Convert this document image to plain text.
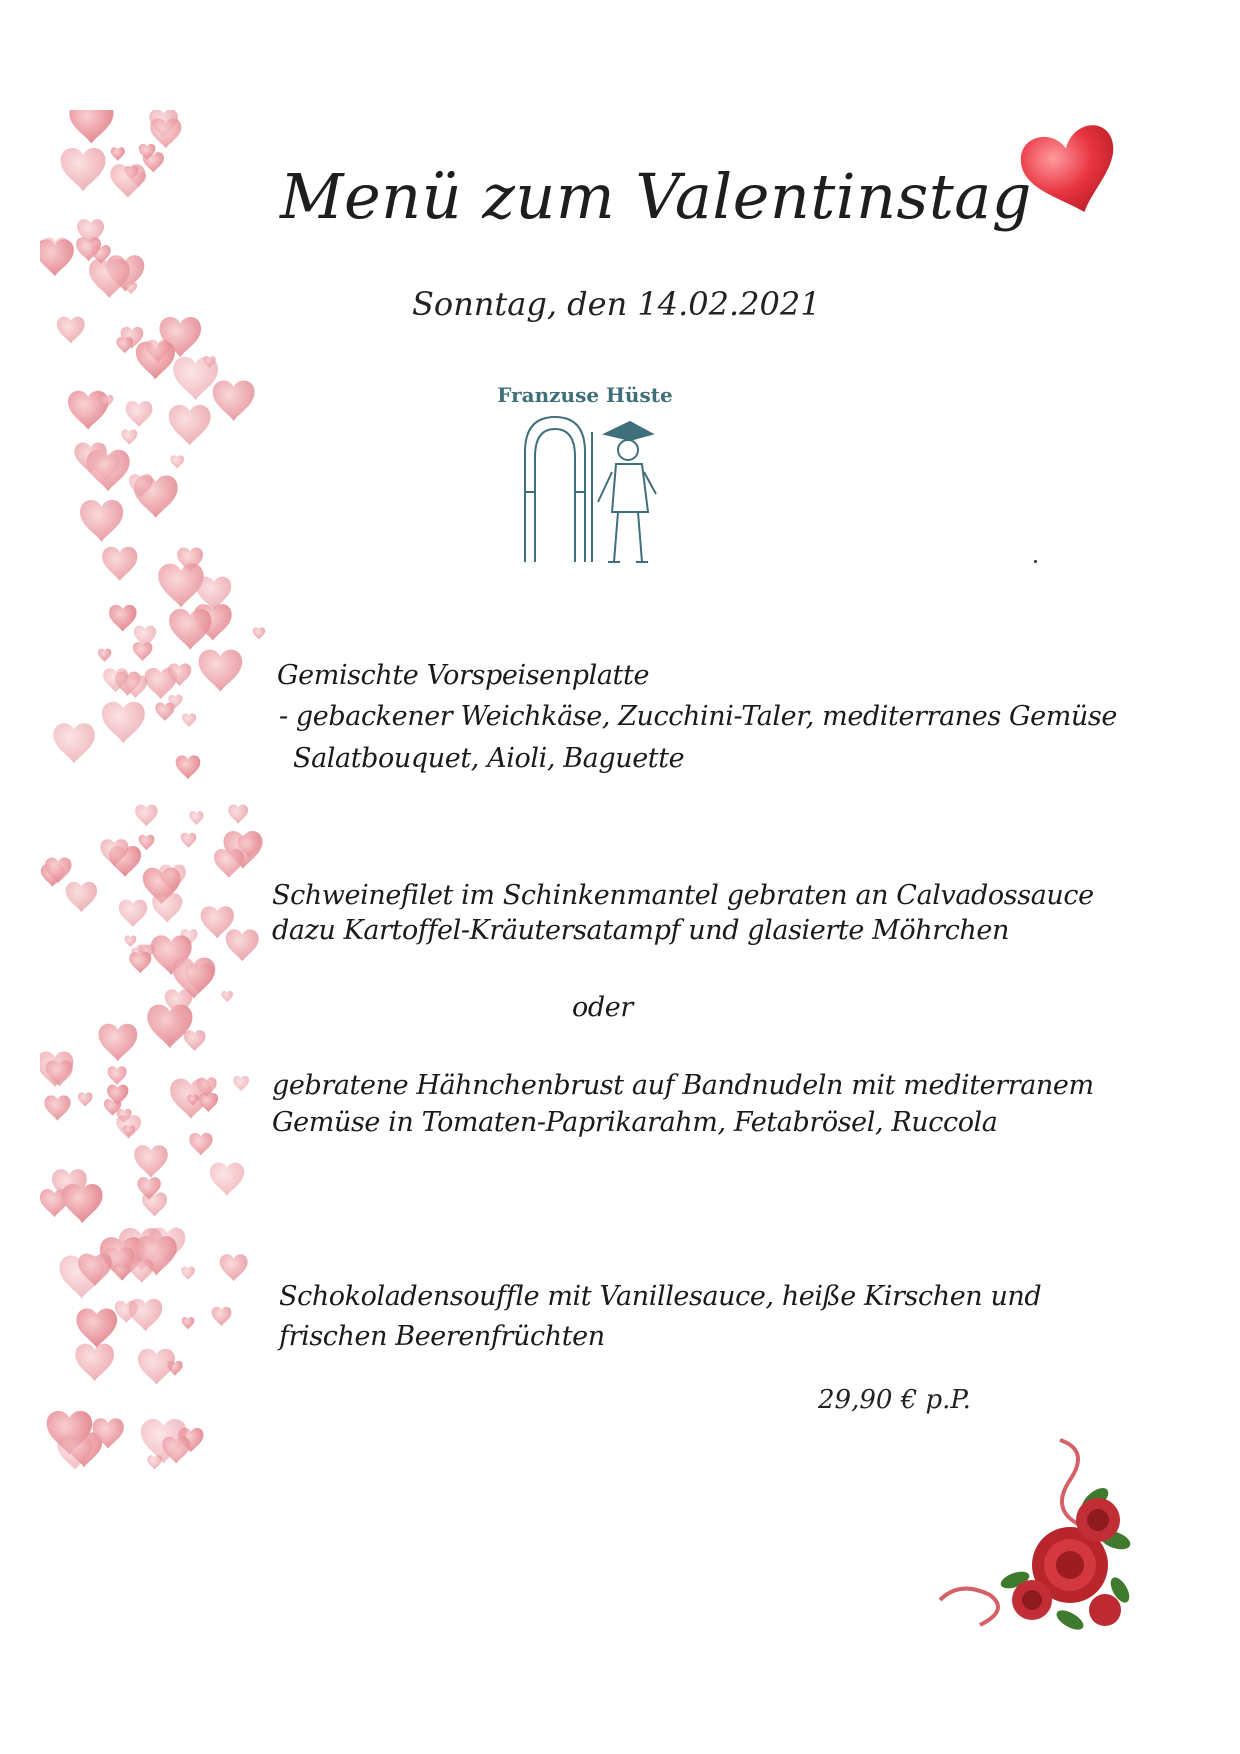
Menü zum Valentinstag
Sonntag, den 14.02.2021
Franzuse Hüste
Gemischte Vorspeisenplatte
- gebackener Weichkäse, Zucchini-Taler, mediterranes Gemüse
Salatbouquet, Aioli, Baguette
Schweinefilet im Schinkenmantel gebraten an Calvadossauce
dazu Kartoffel-Kräutersatampf und glasierte Möhrchen
oder
gebratene Hähnchenbrust auf Bandnudeln mit mediterranem
Gemüse in Tomaten-Paprikarahm, Fetabrösel, Ruccola
Schokoladensouffle mit Vanillesauce, heiße Kirschen und
frischen Beerenfrüchten
29,90 € p.P.
